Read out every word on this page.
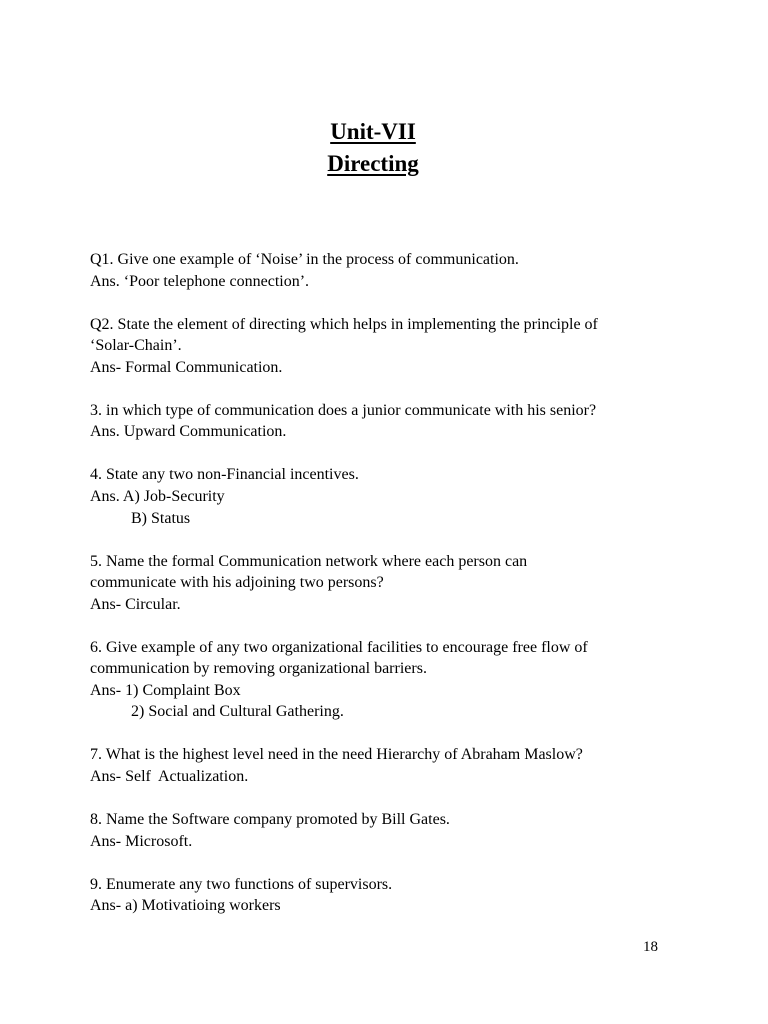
Unit-VII
Directing
Q1. Give one example of ‘Noise’ in the process of communication.
Ans. ‘Poor telephone connection’.
Q2. State the element of directing which helps in implementing the principle of
‘Solar-Chain’.
Ans- Formal Communication.
3. in which type of communication does a junior communicate with his senior?
Ans. Upward Communication.
4. State any two non-Financial incentives.
Ans. A) Job-Security
B) Status
5. Name the formal Communication network where each person can
communicate with his adjoining two persons?
Ans- Circular.
6. Give example of any two organizational facilities to encourage free flow of
communication by removing organizational barriers.
Ans- 1) Complaint Box
2) Social and Cultural Gathering.
7. What is the highest level need in the need Hierarchy of Abraham Maslow?
Ans- Self  Actualization.
8. Name the Software company promoted by Bill Gates.
Ans- Microsoft.
9. Enumerate any two functions of supervisors.
Ans- a) Motivatioing workers
18
